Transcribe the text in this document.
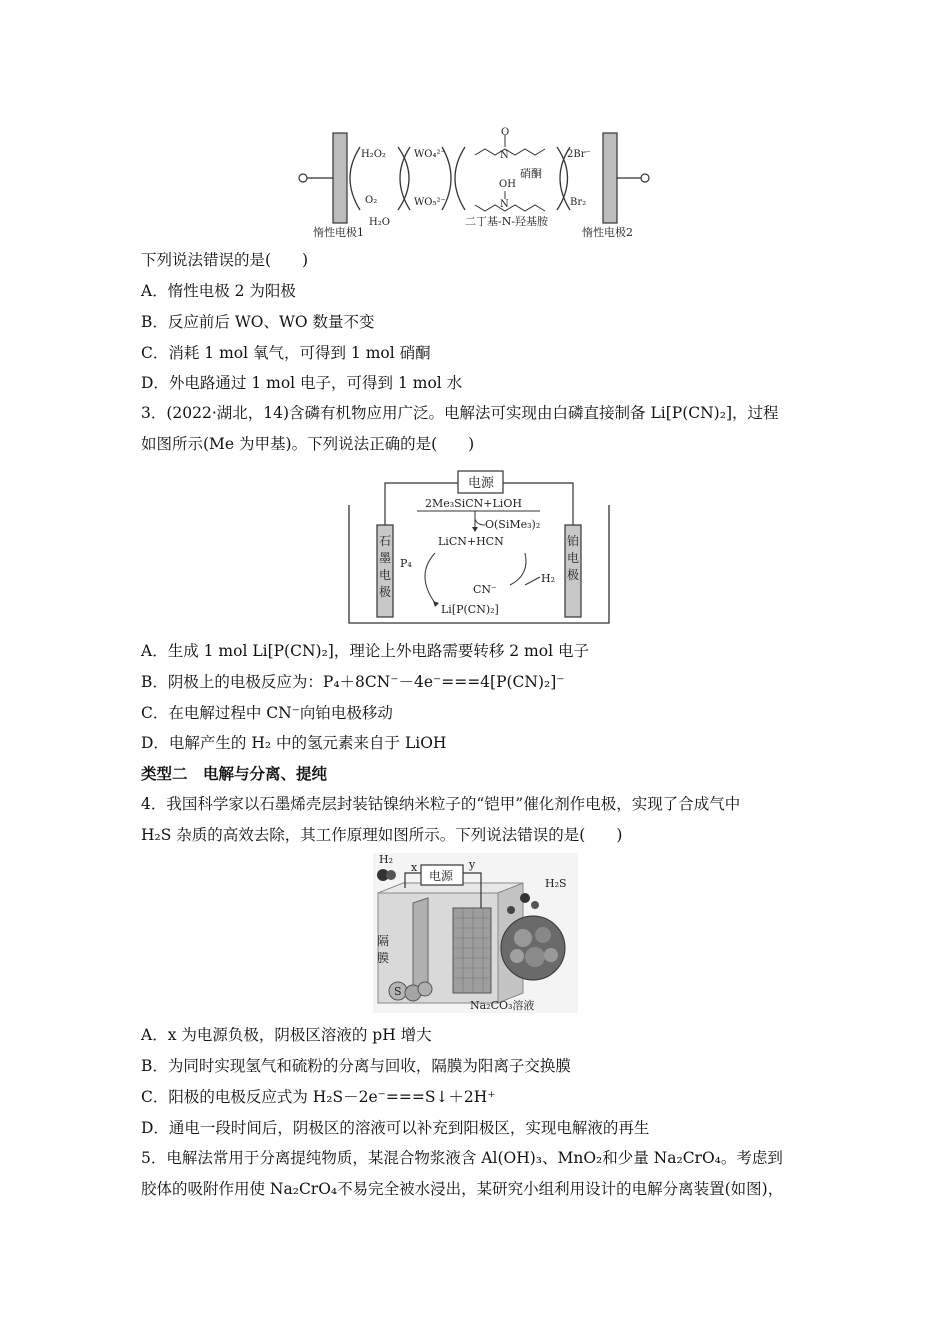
H₂O₂
O₂
H₂O
WO₄²⁻
WO₅²⁻
O
N
OH
N
硝酮
2Br⁻
Br₂
惰性电极1	惰性电极2
二丁基-N-羟基胺
下列说法错误的是(　　)
A．惰性电极 2 为阳极
B．反应前后 WO、WO 数量不变
C．消耗 1 mol 氧气，可得到 1 mol 硝酮
D．外电路通过 1 mol 电子，可得到 1 mol 水
3．(2022·湖北，14)含磷有机物应用广泛。电解法可实现由白磷直接制备 Li[P(CN)₂]，过程
如图所示(Me 为甲基)。下列说法正确的是(　　)
电源
石
墨
电
极
铂
电
极
2Me₃SiCN+LiOH
O(SiMe₃)₂
LiCN+HCN
P₄
CN⁻
H₂
Li[P(CN)₂]
A．生成 1 mol Li[P(CN)₂]，理论上外电路需要转移 2 mol 电子
B．阴极上的电极反应为：P₄＋8CN⁻－4e⁻===4[P(CN)₂]⁻
C．在电解过程中 CN⁻向铂电极移动
D．电解产生的 H₂ 中的氢元素来自于 LiOH
类型二　电解与分离、提纯
4．我国科学家以石墨烯壳层封装钴镍纳米粒子的“铠甲”催化剂作电极，实现了合成气中
H₂S 杂质的高效去除，其工作原理如图所示。下列说法错误的是(　　)
电源
H₂
x	y
H₂S
隔
膜
S
Na₂CO₃溶液
A．x 为电源负极，阴极区溶液的 pH 增大
B．为同时实现氢气和硫粉的分离与回收，隔膜为阳离子交换膜
C．阳极的电极反应式为 H₂S－2e⁻===S↓＋2H⁺
D．通电一段时间后，阴极区的溶液可以补充到阳极区，实现电解液的再生
5．电解法常用于分离提纯物质，某混合物浆液含 Al(OH)₃、MnO₂和少量 Na₂CrO₄。考虑到
胶体的吸附作用使 Na₂CrO₄不易完全被水浸出，某研究小组利用设计的电解分离装置(如图)，
